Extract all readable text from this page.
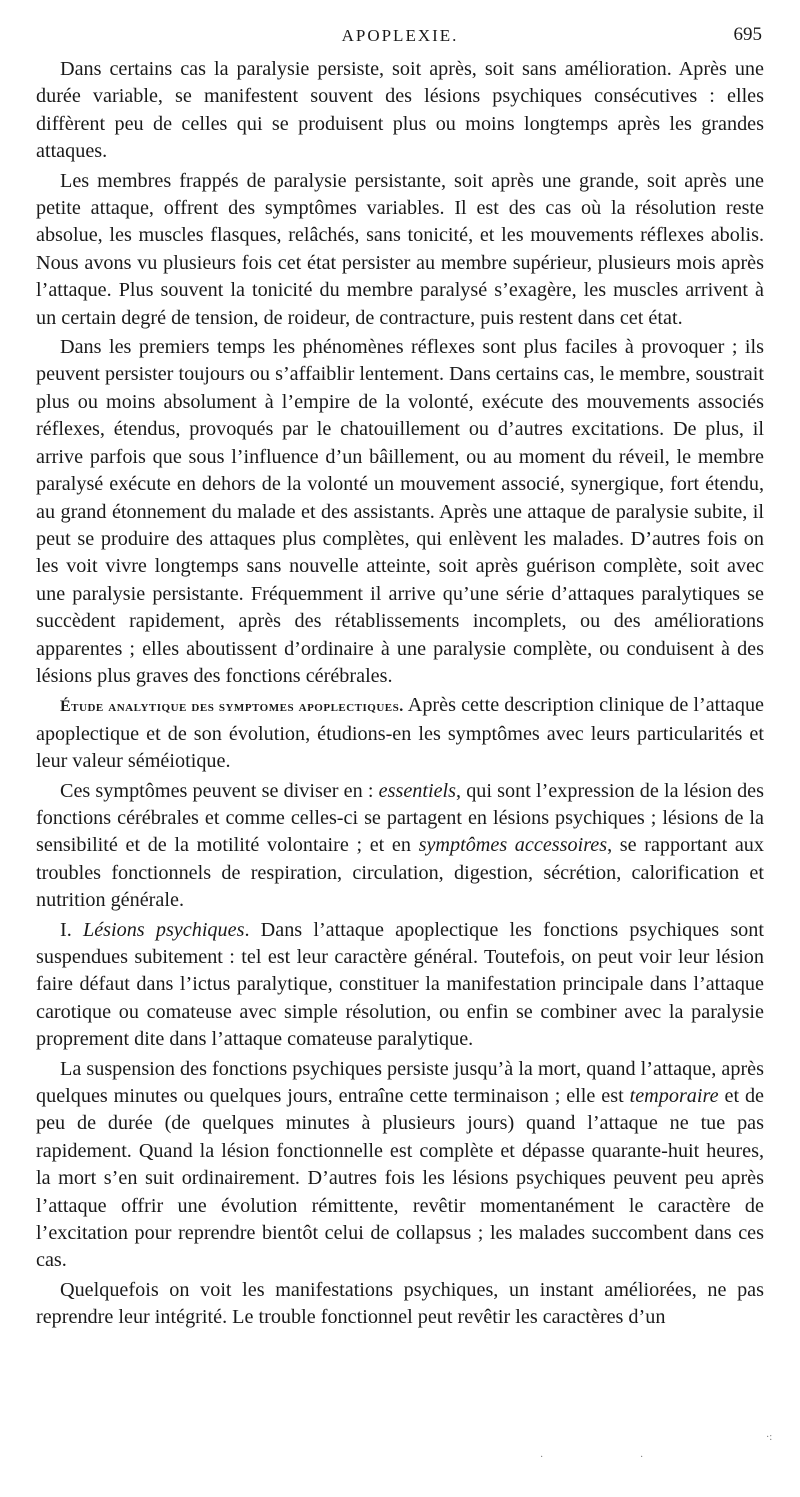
APOPLEXIE.	695

Dans certains cas la paralysie persiste, soit après, soit sans amélioration. Après une durée variable, se manifestent souvent des lésions psychiques consécutives : elles diffèrent peu de celles qui se produisent plus ou moins longtemps après les grandes attaques.

Les membres frappés de paralysie persistante, soit après une grande, soit après une petite attaque, offrent des symptômes variables. Il est des cas où la résolution reste absolue, les muscles flasques, relâchés, sans tonicité, et les mouvements réflexes abolis. Nous avons vu plusieurs fois cet état persister au membre supérieur, plusieurs mois après l’attaque. Plus souvent la tonicité du membre paralysé s’exagère, les muscles arrivent à un certain degré de tension, de roideur, de contracture, puis restent dans cet état.

Dans les premiers temps les phénomènes réflexes sont plus faciles à provoquer ; ils peuvent persister toujours ou s’affaiblir lentement. Dans certains cas, le membre, soustrait plus ou moins absolument à l’empire de la volonté, exécute des mouvements associés réflexes, étendus, provoqués par le chatouillement ou d’autres excitations. De plus, il arrive parfois que sous l’influence d’un bâillement, ou au moment du réveil, le membre paralysé exécute en dehors de la volonté un mouvement associé, synergique, fort étendu, au grand étonnement du malade et des assistants. Après une attaque de paralysie subite, il peut se produire des attaques plus complètes, qui enlèvent les malades. D’autres fois on les voit vivre longtemps sans nouvelle atteinte, soit après guérison complète, soit avec une paralysie persistante. Fréquemment il arrive qu’une série d’attaques paralytiques se succèdent rapidement, après des rétablissements incomplets, ou des améliorations apparentes ; elles aboutissent d’ordinaire à une paralysie complète, ou conduisent à des lésions plus graves des fonctions cérébrales.

Étude analytique des symptomes apoplectiques. Après cette description clinique de l’attaque apoplectique et de son évolution, étudions-en les symptômes avec leurs particularités et leur valeur séméiotique.

Ces symptômes peuvent se diviser en : essentiels, qui sont l’expression de la lésion des fonctions cérébrales et comme celles-ci se partagent en lésions psychiques ; lésions de la sensibilité et de la motilité volontaire ; et en symptômes accessoires, se rapportant aux troubles fonctionnels de respiration, circulation, digestion, sécrétion, calorification et nutrition générale.

I. Lésions psychiques. Dans l’attaque apoplectique les fonctions psychiques sont suspendues subitement : tel est leur caractère général. Toutefois, on peut voir leur lésion faire défaut dans l’ictus paralytique, constituer la manifestation principale dans l’attaque carotique ou comateuse avec simple résolution, ou enfin se combiner avec la paralysie proprement dite dans l’attaque comateuse paralytique.

La suspension des fonctions psychiques persiste jusqu’à la mort, quand l’attaque, après quelques minutes ou quelques jours, entraîne cette terminaison ; elle est temporaire et de peu de durée (de quelques minutes à plusieurs jours) quand l’attaque ne tue pas rapidement. Quand la lésion fonctionnelle est complète et dépasse quarante-huit heures, la mort s’en suit ordinairement. D’autres fois les lésions psychiques peuvent peu après l’attaque offrir une évolution rémittente, revêtir momentanément le caractère de l’excitation pour reprendre bientôt celui de collapsus ; les malades succombent dans ces cas.

Quelquefois on voit les manifestations psychiques, un instant améliorées, ne pas reprendre leur intégrité. Le trouble fonctionnel peut revêtir les caractères d’un

·:
·	·
